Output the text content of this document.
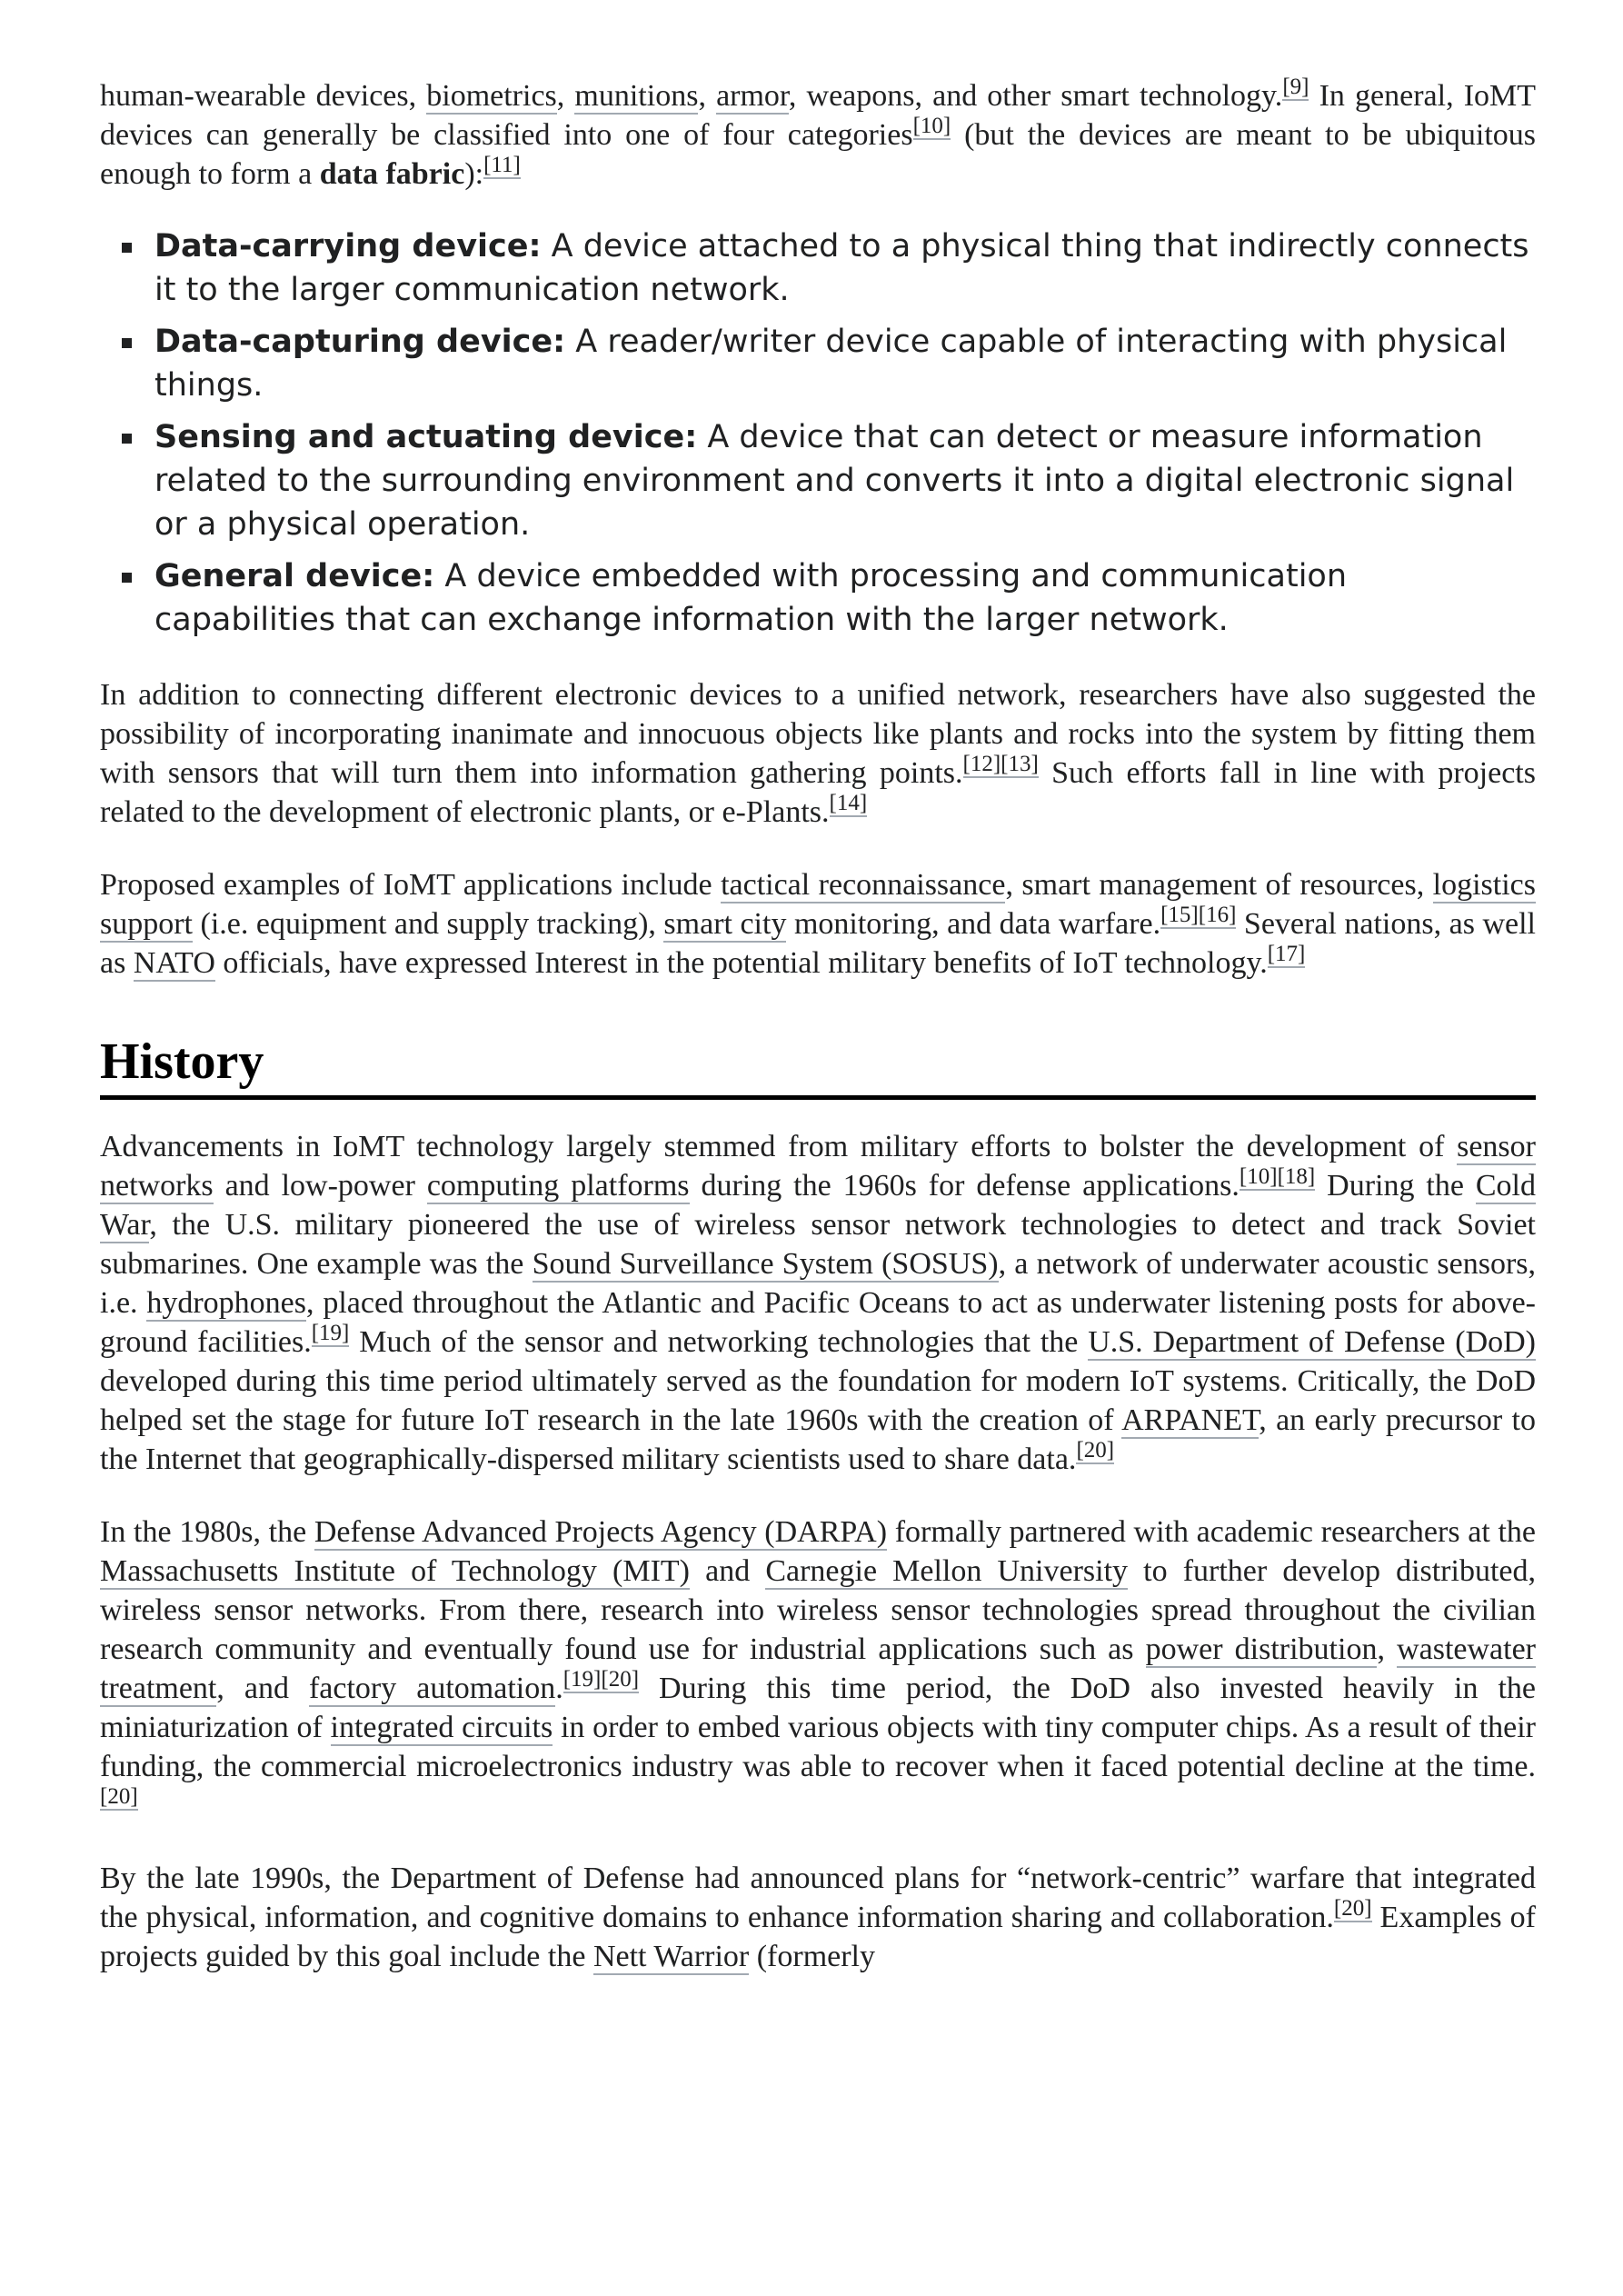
human-wearable devices, biometrics, munitions, armor, weapons, and other smart technology.[9] In general, IoMT devices can generally be classified into one of four categories[10] (but the devices are meant to be ubiquitous enough to form a data fabric):[11]

Data-carrying device: A device attached to a physical thing that indirectly connects it to the larger communication network.
Data-capturing device: A reader/writer device capable of interacting with physical things.
Sensing and actuating device: A device that can detect or measure information related to the surrounding environment and converts it into a digital electronic signal or a physical operation.
General device: A device embedded with processing and communication capabilities that can exchange information with the larger network.

In addition to connecting different electronic devices to a unified network, researchers have also suggested the possibility of incorporating inanimate and innocuous objects like plants and rocks into the system by fitting them with sensors that will turn them into information gathering points.[12][13] Such efforts fall in line with projects related to the development of electronic plants, or e-Plants.[14]

Proposed examples of IoMT applications include tactical reconnaissance, smart management of resources, logistics support (i.e. equipment and supply tracking), smart city monitoring, and data warfare.[15][16] Several nations, as well as NATO officials, have expressed Interest in the potential military benefits of IoT technology.[17]

History

Advancements in IoMT technology largely stemmed from military efforts to bolster the development of sensor networks and low-power computing platforms during the 1960s for defense applications.[10][18] During the Cold War, the U.S. military pioneered the use of wireless sensor network technologies to detect and track Soviet submarines. One example was the Sound Surveillance System (SOSUS), a network of underwater acoustic sensors, i.e. hydrophones, placed throughout the Atlantic and Pacific Oceans to act as underwater listening posts for above-ground facilities.[19] Much of the sensor and networking technologies that the U.S. Department of Defense (DoD) developed during this time period ultimately served as the foundation for modern IoT systems. Critically, the DoD helped set the stage for future IoT research in the late 1960s with the creation of ARPANET, an early precursor to the Internet that geographically-dispersed military scientists used to share data.[20]

In the 1980s, the Defense Advanced Projects Agency (DARPA) formally partnered with academic researchers at the Massachusetts Institute of Technology (MIT) and Carnegie Mellon University to further develop distributed, wireless sensor networks. From there, research into wireless sensor technologies spread throughout the civilian research community and eventually found use for industrial applications such as power distribution, wastewater treatment, and factory automation.[19][20] During this time period, the DoD also invested heavily in the miniaturization of integrated circuits in order to embed various objects with tiny computer chips. As a result of their funding, the commercial microelectronics industry was able to recover when it faced potential decline at the time.[20]

By the late 1990s, the Department of Defense had announced plans for “network-centric” warfare that integrated the physical, information, and cognitive domains to enhance information sharing and collaboration.[20] Examples of projects guided by this goal include the Nett Warrior (formerly
